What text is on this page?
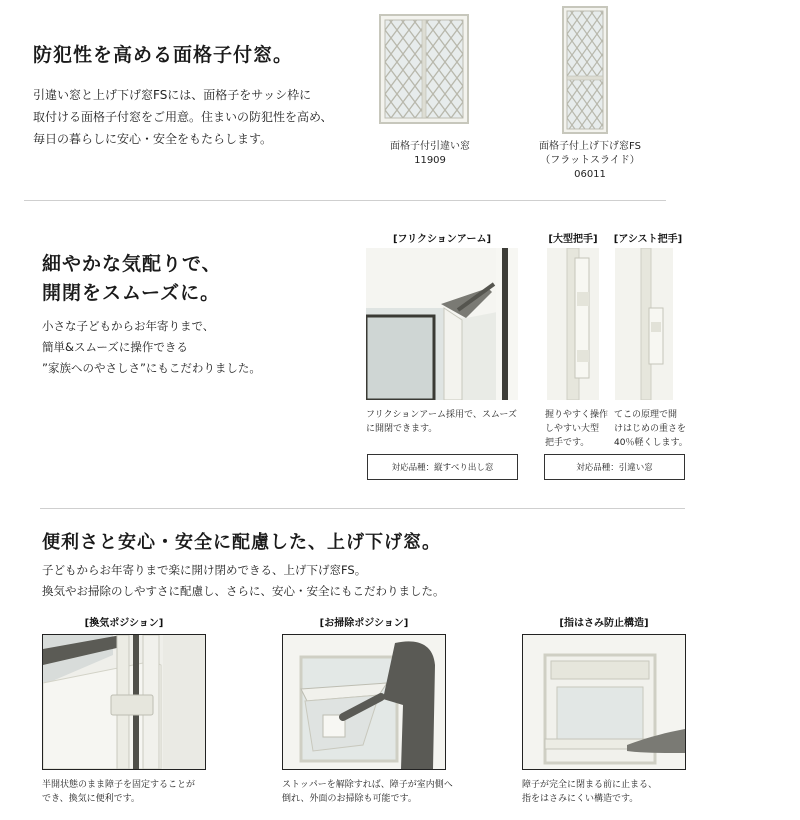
防犯性を高める面格子付窓。
引違い窓と上げ下げ窓FSには、面格子をサッシ枠に
取付ける面格子付窓をご用意。住まいの防犯性を高め、
毎日の暮らしに安心・安全をもたらします。
面格子付引違い窓
11909
面格子付上げ下げ窓FS
（フラットスライド）
06011
細やかな気配りで、
開閉をスムーズに。
小さな子どもからお年寄りまで、
簡単&スムーズに操作できる
”家族へのやさしさ”にもこだわりました。
[フリクションアーム]	[大型把手]	[アシスト把手]
フリクションアーム採用で、スムーズ
に開閉できます。
握りやすく操作
しやすい大型
把手です。
てこの原理で開
けはじめの重さを
40％軽くします。
対応品種：縦すべり出し窓	対応品種：引違い窓
便利さと安心・安全に配慮した、上げ下げ窓。
子どもからお年寄りまで楽に開け閉めできる、上げ下げ窓FS。
換気やお掃除のしやすさに配慮し、さらに、安心・安全にもこだわりました。
[換気ポジション]	[お掃除ポジション]	[指はさみ防止構造]
半開状態のまま障子を固定することが
でき、換気に便利です。
ストッパーを解除すれば、障子が室内側へ
倒れ、外面のお掃除も可能です。
障子が完全に閉まる前に止まる、
指をはさみにくい構造です。
